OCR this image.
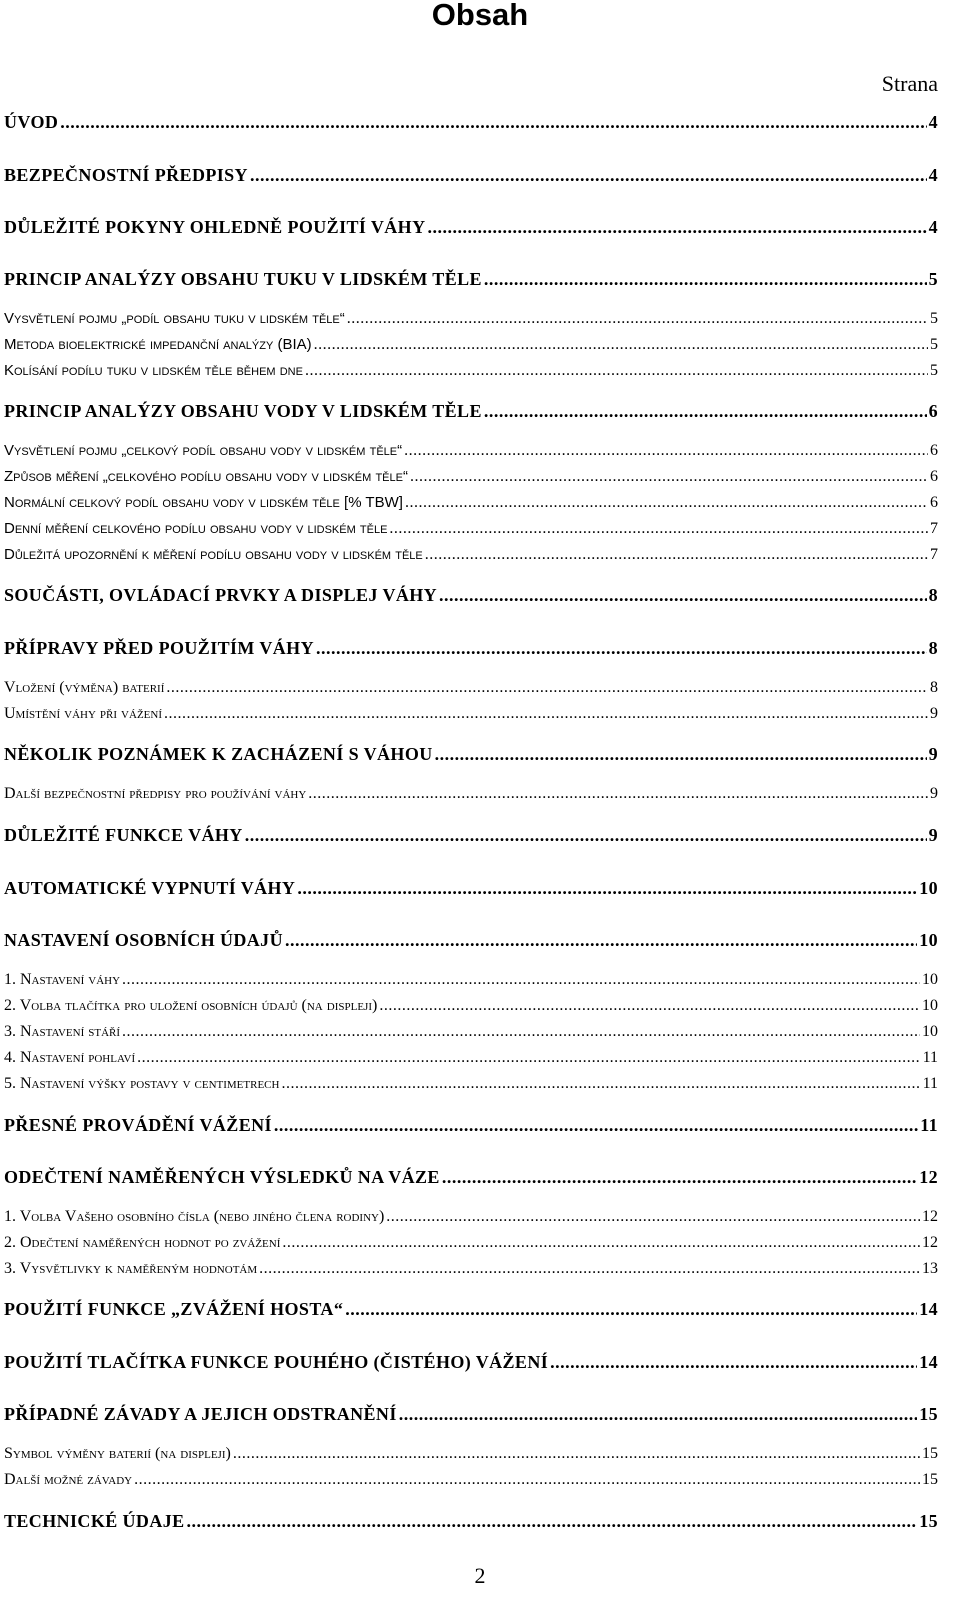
Obsah
Strana
ÚVOD .....	4
BEZPEČNOSTNÍ PŘEDPISY .....	4
DŮLEŽITÉ POKYNY OHLEDNĚ POUŽITÍ VÁHY .....	4
PRINCIP ANALÝZY OBSAHU TUKU V LIDSKÉM TĚLE .....	5
Vysvětlení pojmu „podíl obsahu tuku v lidském těle“ .....	5
Metoda bioelektrické impedanční analýzy (BIA) .....	5
Kolísání podílu tuku v lidském těle během dne .....	5
PRINCIP ANALÝZY OBSAHU VODY V LIDSKÉM TĚLE .....	6
Vysvětlení pojmu „celkový podíl obsahu vody v lidském těle“ .....	6
Způsob měření „celkového podílu obsahu vody v lidském těle“ .....	6
Normální celkový podíl obsahu vody v lidském těle [% TBW] .....	6
Denní měření celkového podílu obsahu vody v lidském těle .....	7
Důležitá upozornění k měření podílu obsahu vody v lidském těle .....	7
SOUČÁSTI, OVLÁDACÍ PRVKY A DISPLEJ VÁHY .....	8
PŘÍPRAVY PŘED POUŽITÍM VÁHY .....	8
Vložení (výměna) baterií .....	8
Umístění váhy při vážení .....	9
NĚKOLIK POZNÁMEK K ZACHÁZENÍ S VÁHOU .....	9
Další bezpečnostní předpisy pro používání váhy .....	9
DŮLEŽITÉ FUNKCE VÁHY .....	9
AUTOMATICKÉ VYPNUTÍ VÁHY .....	10
NASTAVENÍ OSOBNÍCH ÚDAJŮ .....	10
1. Nastavení váhy .....	10
2. Volba tlačítka pro uložení osobních údajů (na displeji) .....	10
3. Nastavení stáří .....	10
4. Nastavení pohlaví .....	11
5. Nastavení výšky postavy v centimetrech .....	11
PŘESNÉ PROVÁDĚNÍ VÁŽENÍ .....	11
ODEČTENÍ NAMĚŘENÝCH VÝSLEDKŮ NA VÁZE .....	12
1. Volba Vašeho osobního čísla (nebo jiného člena rodiny) .....	12
2. Odečtení naměřených hodnot po zvážení .....	12
3. Vysvětlivky k naměřeným hodnotám .....	13
POUŽITÍ FUNKCE „ZVÁŽENÍ HOSTA“ .....	14
POUŽITÍ TLAČÍTKA FUNKCE POUHÉHO (ČISTÉHO) VÁŽENÍ .....	14
PŘÍPADNÉ ZÁVADY A JEJICH ODSTRANĚNÍ .....	15
Symbol výměny baterií (na displeji) .....	15
Další možné závady .....	15
TECHNICKÉ ÚDAJE .....	15
2
